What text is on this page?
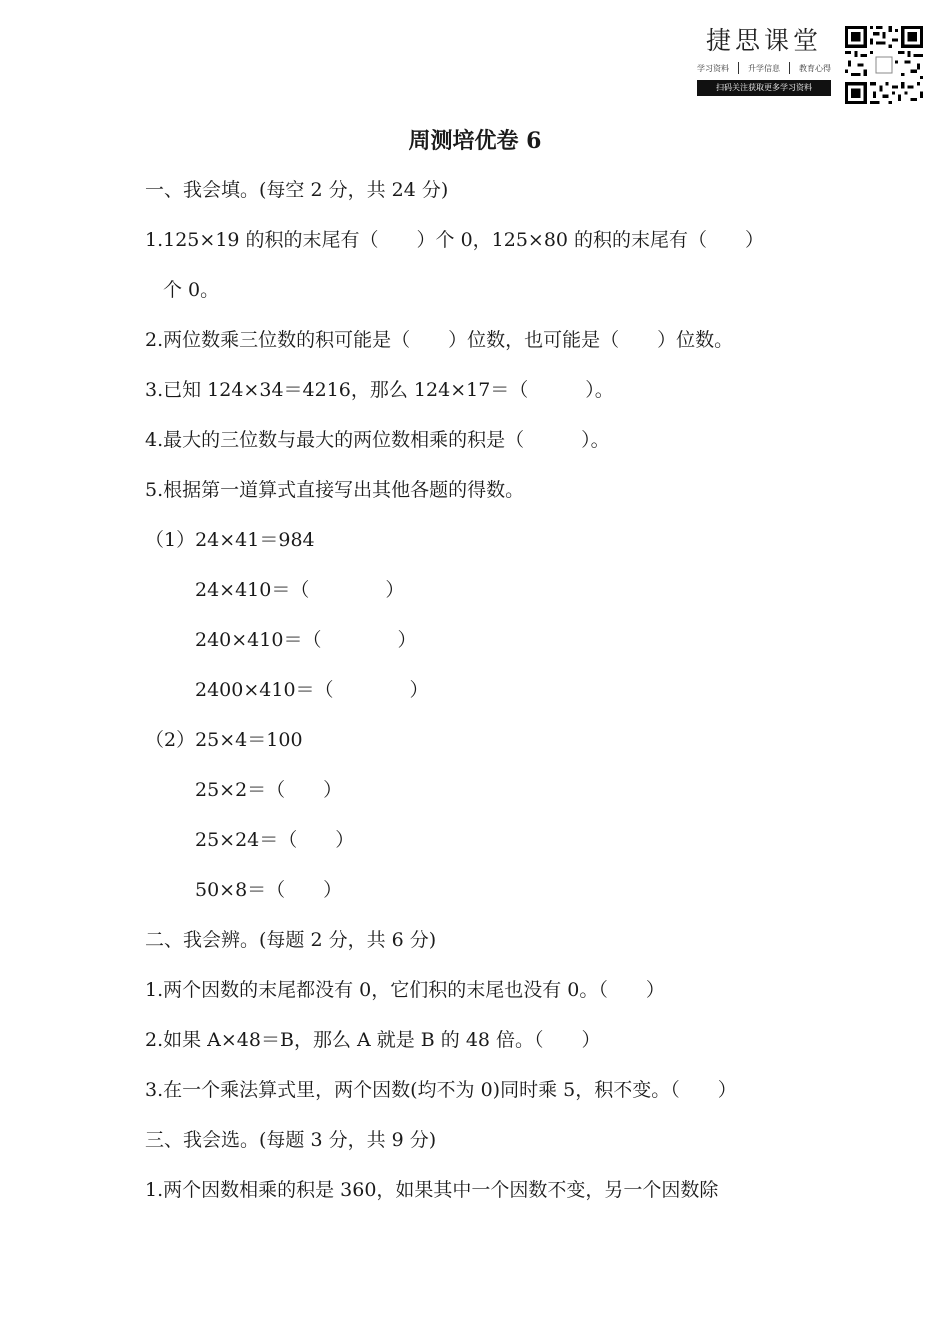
捷思课堂
学习资料 升学信息 教育心得
扫码关注获取更多学习资料
周测培优卷 6
一、我会填。(每空 2 分，共 24 分)
1.125×19 的积的末尾有（　　）个 0，125×80 的积的末尾有（　　）
个 0。
2.两位数乘三位数的积可能是（　　）位数，也可能是（　　）位数。
3.已知 124×34＝4216，那么 124×17＝（　　　）。
4.最大的三位数与最大的两位数相乘的积是（　　　）。
5.根据第一道算式直接写出其他各题的得数。
（1）24×41＝984
24×410＝（　　　　）
240×410＝（　　　　）
2400×410＝（　　　　）
（2）25×4＝100
25×2＝（　　）
25×24＝（　　）
50×8＝（　　）
二、我会辨。(每题 2 分，共 6 分)
1.两个因数的末尾都没有 0，它们积的末尾也没有 0。（　　）
2.如果 A×48＝B，那么 A 就是 B 的 48 倍。（　　）
3.在一个乘法算式里，两个因数(均不为 0)同时乘 5，积不变。（　　）
三、我会选。(每题 3 分，共 9 分)
1.两个因数相乘的积是 360，如果其中一个因数不变，另一个因数除
